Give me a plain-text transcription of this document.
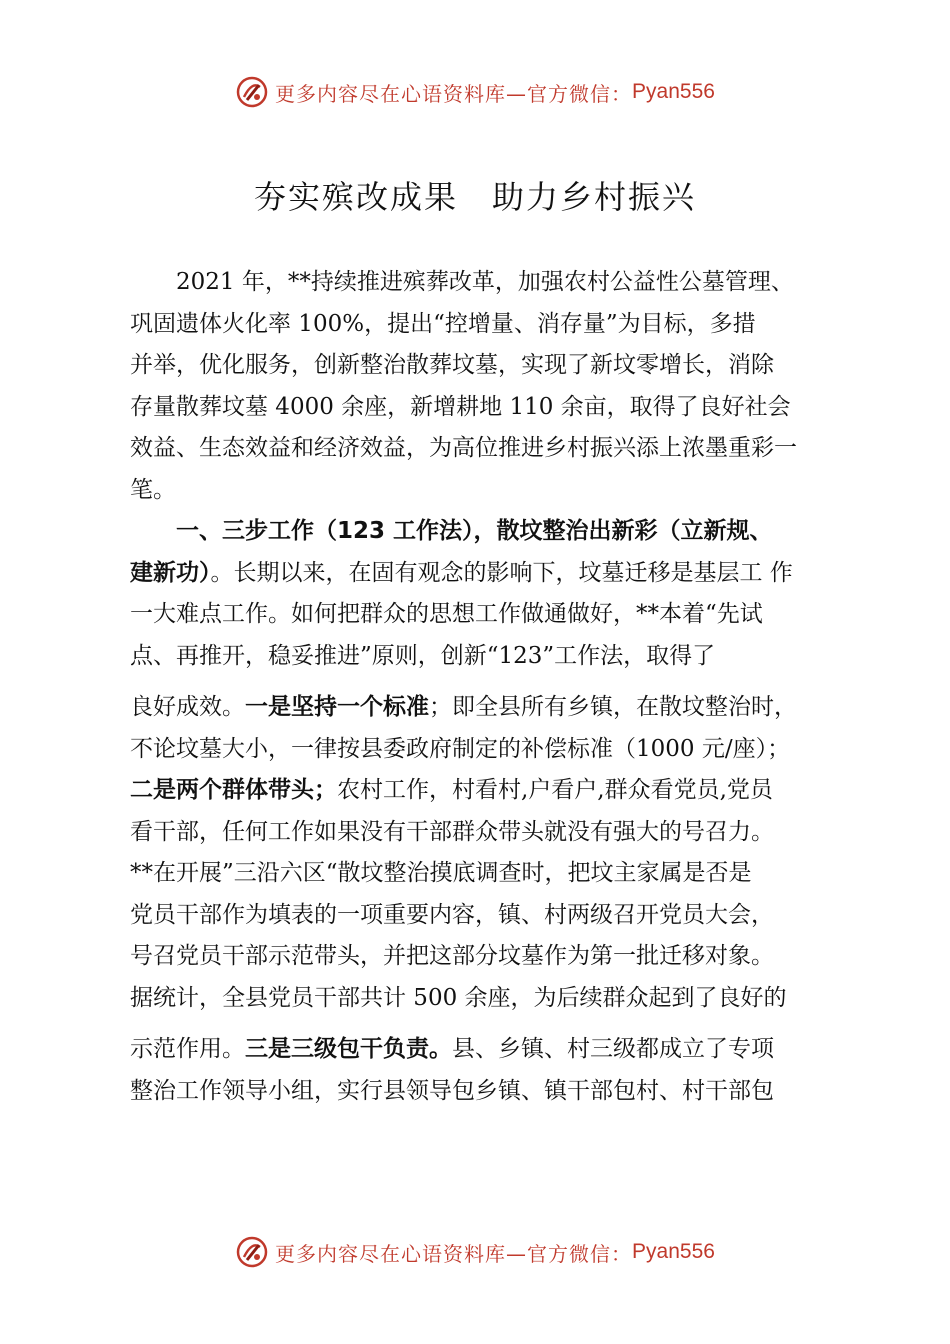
更多内容尽在心语资料库—官方微信： Pyan556
夯实殡改成果　助力乡村振兴
2021 年，**持续推进殡葬改革，加强农村公益性公墓管理、
巩固遗体火化率 100%，提出“控增量、消存量”为目标，多措
并举，优化服务，创新整治散葬坟墓，实现了新坟零增长，消除
存量散葬坟墓 4000 余座，新增耕地 110 余亩，取得了良好社会
效益、生态效益和经济效益，为高位推进乡村振兴添上浓墨重彩一
笔。
一、三步工作（123 工作法），散坟整治出新彩（立新规、
建新功）。长期以来，在固有观念的影响下，坟墓迁移是基层工 作
一大难点工作。如何把群众的思想工作做通做好，**本着“先试
点、再推开，稳妥推进”原则，创新“123”工作法，取得了
良好成效。一是坚持一个标准；即全县所有乡镇，在散坟整治时，
不论坟墓大小，一律按县委政府制定的补偿标准（1000 元/座）；
二是两个群体带头；农村工作，村看村,户看户,群众看党员,党员
看干部，任何工作如果没有干部群众带头就没有强大的号召力。
**在开展”三沿六区“散坟整治摸底调查时，把坟主家属是否是
党员干部作为填表的一项重要内容，镇、村两级召开党员大会，
号召党员干部示范带头，并把这部分坟墓作为第一批迁移对象。
据统计，全县党员干部共计 500 余座，为后续群众起到了良好的
示范作用。三是三级包干负责。县、乡镇、村三级都成立了专项
整治工作领导小组，实行县领导包乡镇、镇干部包村、村干部包
更多内容尽在心语资料库—官方微信： Pyan556
